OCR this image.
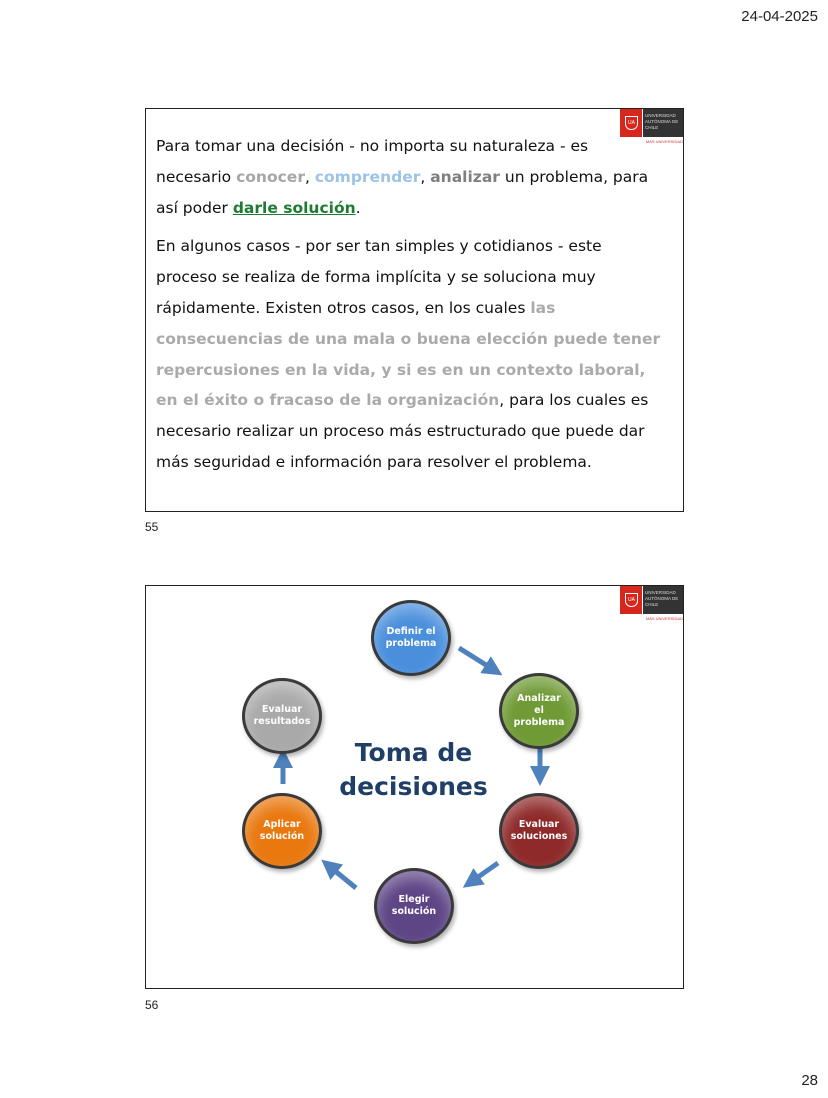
24-04-2025
UA
UNIVERSIDAD AUTÓNOMA DE CHILE
MÁS UNIVERSIDAD

Para tomar una decisión - no importa su naturaleza - es necesario conocer, comprender, analizar un problema, para así poder darle solución.

En algunos casos - por ser tan simples y cotidianos - este proceso se realiza de forma implícita y se soluciona muy rápidamente. Existen otros casos, en los cuales las consecuencias de una mala o buena elección puede tener repercusiones en la vida, y si es en un contexto laboral, en el éxito o fracaso de la organización, para los cuales es necesario realizar un proceso más estructurado que puede dar más seguridad e información para resolver el problema.

55
UA
UNIVERSIDAD AUTÓNOMA DE CHILE
MÁS UNIVERSIDAD
Toma de
decisiones
Definir el
problema
Analizar
el
problema
Evaluar
soluciones
Elegir
solución
Aplicar
solución
Evaluar
resultados
56
28
